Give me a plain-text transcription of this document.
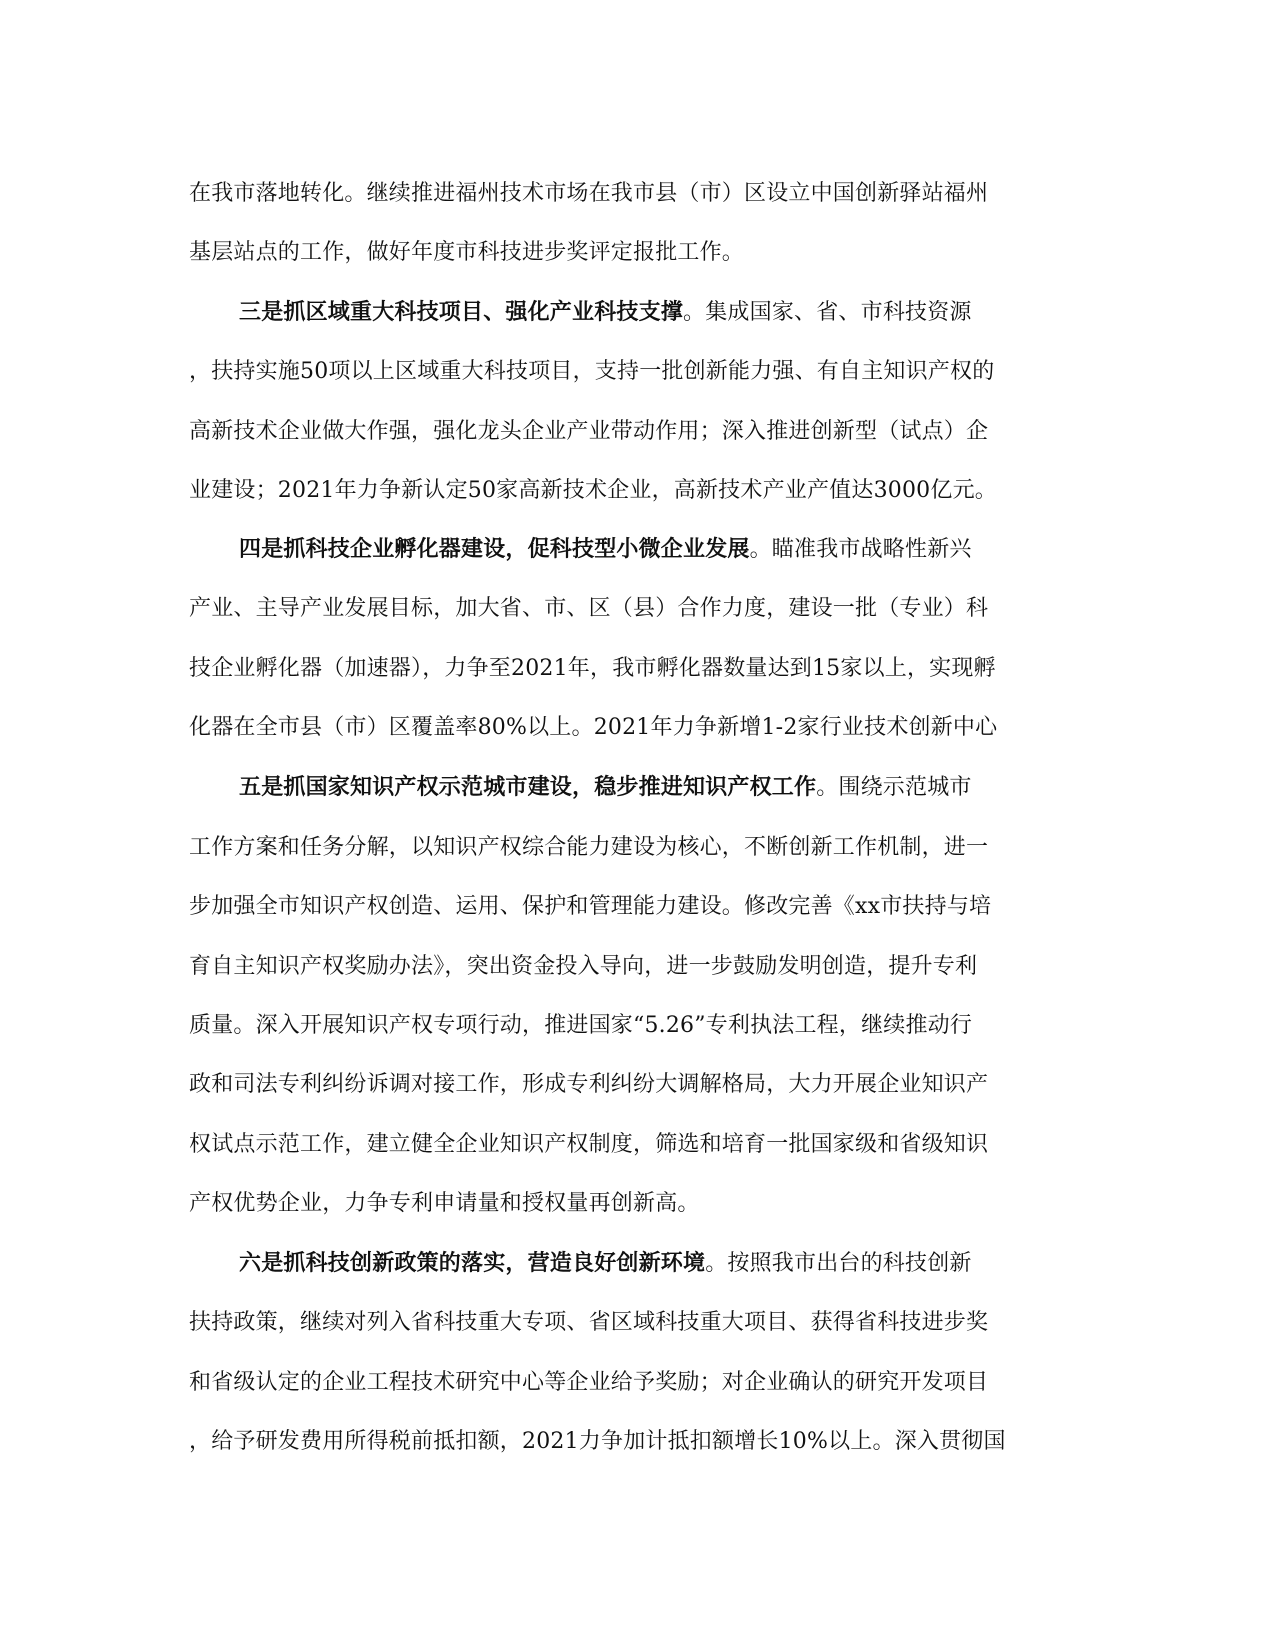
在我市落地转化。继续推进福州技术市场在我市县（市）区设立中国创新驿站福州
基层站点的工作，做好年度市科技进步奖评定报批工作。
三是抓区域重大科技项目、强化产业科技支撑。集成国家、省、市科技资源
，扶持实施50项以上区域重大科技项目，支持一批创新能力强、有自主知识产权的
高新技术企业做大作强，强化龙头企业产业带动作用；深入推进创新型（试点）企
业建设；2021年力争新认定50家高新技术企业，高新技术产业产值达3000亿元。
四是抓科技企业孵化器建设，促科技型小微企业发展。瞄准我市战略性新兴
产业、主导产业发展目标，加大省、市、区（县）合作力度，建设一批（专业）科
技企业孵化器（加速器），力争至2021年，我市孵化器数量达到15家以上，实现孵
化器在全市县（市）区覆盖率80%以上。2021年力争新增1-2家行业技术创新中心
五是抓国家知识产权示范城市建设，稳步推进知识产权工作。围绕示范城市
工作方案和任务分解，以知识产权综合能力建设为核心，不断创新工作机制，进一
步加强全市知识产权创造、运用、保护和管理能力建设。修改完善《xx市扶持与培
育自主知识产权奖励办法》，突出资金投入导向，进一步鼓励发明创造，提升专利
质量。深入开展知识产权专项行动，推进国家“5.26”专利执法工程，继续推动行
政和司法专利纠纷诉调对接工作，形成专利纠纷大调解格局，大力开展企业知识产
权试点示范工作，建立健全企业知识产权制度，筛选和培育一批国家级和省级知识
产权优势企业，力争专利申请量和授权量再创新高。
六是抓科技创新政策的落实，营造良好创新环境。按照我市出台的科技创新
扶持政策，继续对列入省科技重大专项、省区域科技重大项目、获得省科技进步奖
和省级认定的企业工程技术研究中心等企业给予奖励；对企业确认的研究开发项目
，给予研发费用所得税前抵扣额，2021力争加计抵扣额增长10%以上。深入贯彻国
